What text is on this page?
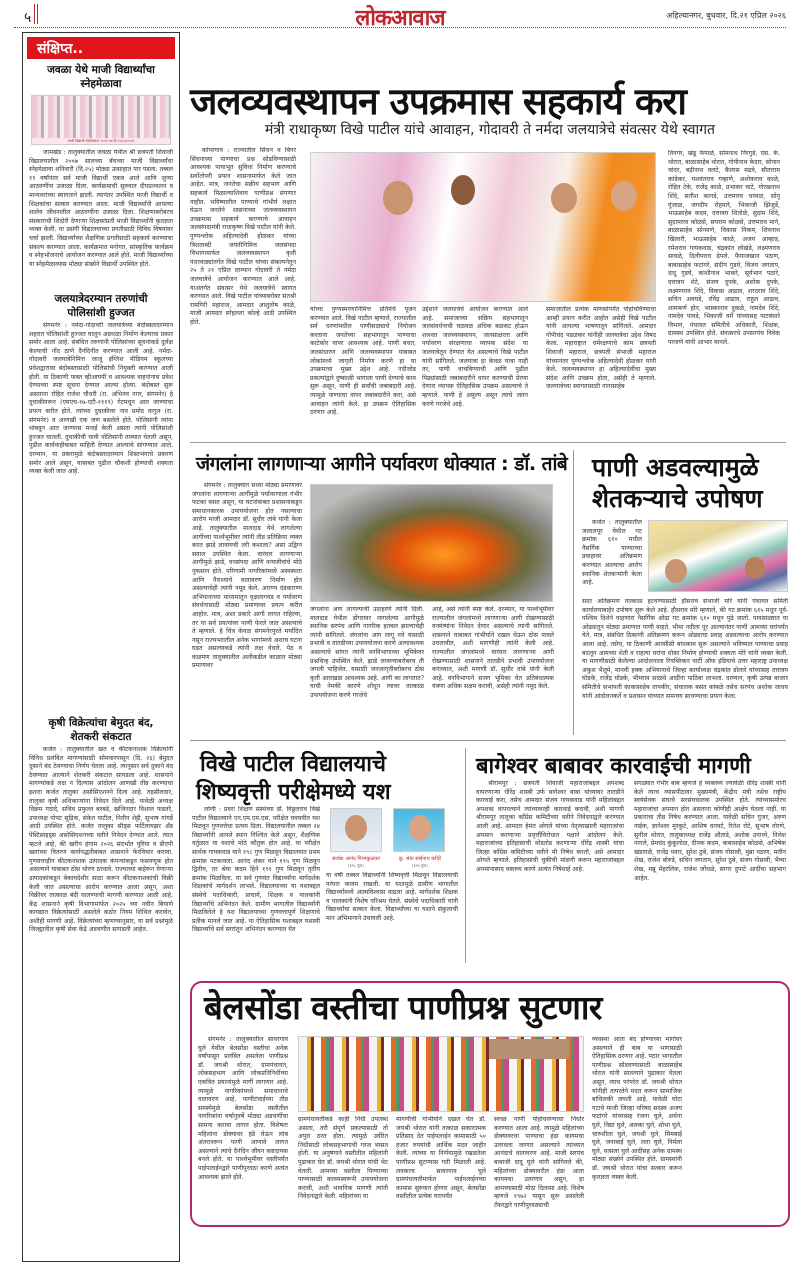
५	लोकआवाज	अहिल्यानगर, बुधवार, दि.२१ एप्रिल २०२६
संक्षिप्त..
जवळा येथे माजी विद्यार्थ्यांचा स्नेहमेळावा
माजी विद्यार्थी स्नेहमेळावा २००६-०७ दि.२९/०३/२०२६
जामखेड : तालुक्यातील जवळा येथील श्री छत्रपती शिवाजी विद्यालयातील २००७ सालच्या बॅचच्या माजी विद्यार्थ्यांचा स्नेहमेळावा शनिवारी (दि.२५) मोठ्या उत्साहात पार पडला. तब्बल १९ वर्षांनंतर सर्व माजी विद्यार्थी एकत्र आले आणि जुन्या आठवणींना उजाळा दिला. कार्यक्रमाची सुरुवात दीपप्रज्वलन व मान्यवरांच्या स्वागताने झाली. त्यानंतर उपस्थित माजी विद्यार्थी व शिक्षकांचा सत्कार करण्यात आला. माजी विद्यार्थ्यांनी आपल्या शालेय जीवनातील आठवणींना उजाळा दिला. शिक्षणाबरोबरच संस्काराची शिदोरी देणाऱ्या शिक्षकांप्रती माजी विद्यार्थ्यांनी कृतज्ञता व्यक्त केली. या प्रसंगी विद्यालयाच्या प्रगतीसाठी विविध विषयांवर चर्चा झाली. विद्यार्थ्यांच्या शैक्षणिक प्रगतीसाठी सहकार्य करण्याचा संकल्प करण्यात आला. कार्यक्रमात मनोगत, सांस्कृतिक कार्यक्रम व स्नेहभोजनाचे आयोजन करण्यात आले होते. माजी विद्यार्थ्यांच्या या स्नेहमेळाव्यास मोठ्या संख्येने विद्यार्थी उपस्थित होते.
जलयात्रेदरम्यान तरुणांची पोलिसांशी हुज्जत
संगमनेर : नर्मदा-गोदावरी जलयात्रेच्या बंदोबस्तादरम्यान शहरात पोलिसांशी हुज्जत घालून अडथळा निर्माण केल्याचा प्रकार समोर आला आहे. संबंधित तरुणांनी पोलिसांच्या सूचनांकडे दुर्लक्ष केल्याची नोंद ठाणे दैनंदिनीत करण्यात आली आहे. नर्मदा-गोदावरी जलयात्रेनिमित्त जाजू इंग्लिश मीडियम स्कूलच्या प्रवेशद्वारावर बंदोबस्तासाठी पोलिसांची नियुक्ती करण्यात आली होती. या ठिकाणी फक्त व्हीआयपी व आवश्यक वाहनांनाच प्रवेश देण्याच्या स्पष्ट सूचना देण्यात आल्या होत्या. बंदोबस्त सुरू असताना रोहित राजेश चौधरी (रा. अभिनव नगर, संगमनेर) हे दुचाकीवरून (एमएच-१७-एटी-१११९) गेटमधून आत जाण्याचा प्रयत्न करीत होते. त्यांच्या दुचाकीवर नाव प्रमोद वागुल (रा. संगमनेर) व आणखी एक जण बसलेले होते. पोलिसांनी त्यांना थांबवून आत जाण्यास मनाई केली असता त्यांनी पोलिसांशी हुज्जत घातली. दुचाकीची चावी पोलिसांनी ताब्यात घेतली असून, पुढील कार्यवाहीबाबत माहिती देण्यात आल्याचे सांगण्यात आले. दरम्यान, या प्रकरामुळे बंदोबस्तादरम्यान शिस्तभंगाचे प्रकरण समोर आले असून, याबाबत पुढील चौकशी होण्याची शक्यता व्यक्त केली जात आहे.
कृषी विक्रेत्यांचा बेमुदत बंद, शेतकरी संकटात
कर्जत : तालुक्यातील खत व कीटकनाशक विक्रेत्यांनी विविध प्रलंबित मागण्यांसाठी सोमवारपासून (दि. २६) बेमुदत दुकाने बंद ठेवण्याचा निर्णय घेतला आहे. त्यानुसार सर्व दुकाने बंद ठेवण्यात आल्याने शेतकरी संकटात सापडला आहे. शासनाने मागण्यांकडे लक्ष न दिल्यास आंदोलन आणखी तीव्र करण्याचा इशारा कर्जत तालुका असोसिएशनने दिला आहे. तहसीलदार, तालुका कृषी अधिकाऱ्यांना निवेदन दिले आहे. यावेळी अध्यक्ष विक्रम गदादे, सचिव प्रफुल्ल बरबडे, खजिनदार विशाल फडतरे, उपाध्यक्ष पोपट सुद्रिक, संकेत पाटील, नितीन शेट्टी, सुभाष गांगर्डे आदी उपस्थित होते. कर्जत तालुका सीड्स फर्टिलायझर अँड पेस्टिसाइड्स असोसिएशनच्या वतीने निवेदन देण्यात आले. त्यात म्हटले आहे, की खरीप हंगाम २०२६ संदर्भात युरिया व डीएपी खतांच्या वितरण कार्यपद्धतीबाबत शासनाने फेरविचार करावा. गुणवत्ताहीन कीटकनाशक उत्पादक कंपन्यांकडून फसवणूक होत असल्याने याबाबत ठोस धोरण ठरवावे. राज्याच्या बाहेरून येणाऱ्या उत्पादकांकडून बेकायदेशीर साठा करून कीटकनाशकांची विक्री केली जात असल्याचा आरोप करण्यात आला असून, अशा विक्रीवर तात्काळ बंदी घालण्याची मागणी करण्यात आली आहे. केंद्र शासनाने कृषी विभागामार्फत २०२५ च्या नवीन बियाणे कायद्यात विक्रेत्यांसाठी असलेले कठोर नियम शिथिल करावेत, अशीही मागणी आहे. विक्रेत्यांच्या म्हणण्यानुसार, या सर्व प्रश्नांमुळे जिल्ह्यातील कृषी सेवा केंद्रे अडचणीत सापडली आहेत.
जलव्यवस्थापन उपक्रमास सहकार्य करा
मंत्री राधाकृष्ण विखे पाटील यांचे आवाहन, गोदावरी ते नर्मदा जलयात्रेचे संवत्सर येथे स्वागत
कोपरगाव : राज्यातील सिंचन व बिगर सिंचनाच्या पाण्याचा प्रश्न सोडविण्यासाठी आवश्यक पायाभूत सुविधा निर्माण करण्याचे सर्वोतोपरी प्रयत्न शासनामार्फत केले जात आहेत. मात्र, जनतेचा सक्रीय सहभाग आणि सहकार्य मिळाल्याशिवाय पाणीप्रश्न संपणार नाहीत. भविष्यातील पाण्याचे गांभीर्य लक्षात घेऊन जनतेने शासनाच्या जलव्यवस्थापन उपक्रमास सहकार्य करण्याचे आवाहन जलसंपदामंत्री राधाकृष्ण विखे पाटील यांनी केले. पुण्यश्लोक अहिल्यादेवी होळकर यांच्या त्रिशताब्दी जयंतीनिमित्त जलसंपदा विभागामार्फत जलव्यवस्थापन कृती पंधरवाड्यांतर्गत विखे पाटील यांच्या संकल्पनेतून २५ ते २१ एप्रिल दरम्यान गोदावरी ते नर्मदा जलयात्रेचे आयोजन करण्यात आले आहे. याअंतर्गत संवत्सर येथे जलयात्रेचे स्वागत करण्यात आले. विखे पाटील यांच्याबरोबर संतश्री रामगिरी महाराज, आमदार आशुतोष काळे, माजी आमदार स्नेहलता कोल्हे आदी उपस्थित होते.
यांच्या पुण्यस्मरणानिमित्त प्रतिमेचे पूजन करण्यात आले. विखे पाटील म्हणाले, राज्यातील सर्व धरणांमधील पाणीसाठ्याचे नियोजन करताना जनतेच्या सहभागातून पाण्याचा काटेकोर वापर आवश्यक आहे. पाणी बचत, जलसंधारण आणि जलव्यवस्थापन याबाबत लोकांमध्ये जागृती निर्माण करणे हा या उपक्रमाचा मुख्य उद्देश आहे. नदीजोड प्रकल्पांद्वारे दुष्काळी भागाला पाणी देण्याचे काम सुरू असून, पाणी ही सर्वांची जबाबदारी आहे. त्यामुळे पाण्याचा वापर जबाबदारीने करा, असे आवाहन त्यांनी केले. हा उपक्रम ऐतिहासिक ठरणार आहे.
उद्देशाने जलयात्रेचे आयोजन करण्यात आले आहे. समाजाच्या सक्रिय सहभागातून जलसंवर्धनाची चळवळ अधिक बळकट होऊन शाश्वत जलव्यवस्थापन, जलसाक्षरता आणि पर्यावरण संरक्षणाचा व्यापक संदेश या जलयात्रेतून देण्यात येत असल्याचे विखे पाटील यांनी सांगितले. जलयात्रा हा केवळ यात्रा नाही तर, पाणी वाचविण्याची आणि पुढील पिढ्यांसाठी जबाबदारीने वापर करण्याची प्रेरणा देणारा व्यापक ऐतिहासिक उपक्रम असल्याचे ते म्हणाले. पाणी हे अमूल्य असून त्याचे जतन करणे गरजेचे आहे.
समाजातील प्रत्येक माणसांपर्यंत पोहोचविण्याचा आम्ही प्रयत्न करीत आहोत असेही विखे पाटील यांनी आपल्या भाषणातून सांगितले. आमदार गोपीचंद पडळकर यांनीही जलयात्रेचा उद्देश विषद केला. महाराष्ट्रात धर्मरक्षणाचे काम छत्रपती शिवाजी महाराज, छत्रपती संभाजी महाराज यांच्यानंतर पुण्यश्लोक अहिल्यादेवी होळकर यांनी केले. जलव्यवस्थापन हा अहिल्यादेवींचा मुख्य संदेश आणि उपक्रम होता, असेही ते म्हणाले. जलयात्रेच्या स्वागतासाठी नानासाहेब
तिनगर, खंडू फेपाळे, सोमनाथ निरगुडे, एस. के. थोरात, बाळासाहेब थोरात, गोपीनाथ केदार, सोपान चांदर, बद्रीनाथ वलटे, कैलास मढवे, सीताराम कांडेकर, यशवंतराव गव्हाणे, अशोकराव काळे, रोहित टेके, राजेंद्र काळे, प्रभाकर घाटे, गोरखनाथ शिंदे, सतीश कानडे, उत्तमराव चरमळ, सोनू गुंजाळ, जगदीप रोहमारे, भिकाजी झिंजुर्डे, भाऊसाहेब कदम, दत्तात्रय शितोळे, सुदाम शिंदे, सुदामराव कोळसे, सयराम कोळसे, उत्तमराव माने, बाळासाहेब सोनवणे, विकास निकम, शिवनाथ खिलारी, भाऊसाहेब काळे, अजय आव्हाड, रमेशराव गायकवाड, चंद्रकांत लोखंडे, लक्ष्मणराव सावळे, दिलीपराव ढेपले. फैयाजखान पठाण, बाबासाहेब फटांगरे, संदीप गुडघे, विजय जगताप, दादू गुडघे, काशीनाथ भाकरे, सूर्यभान पठारे, दत्तात्रय शेटे, संजय दुपके, अशोक दुपके, लक्ष्मणराव शिंदे, विकास आढाव, शरदराव शिंदे, सचिन अवघडे, रविंद्र आढाव, राहुल आढाव, शामकर्ण होन, भास्करराव दुकळे, नामदेव शिंदे, नामदेव पावडे, भिकाजी वर्मे यांच्यासह पाटबंधारे विभाग, पंचायत समितीचे अधिकारी, शिक्षक, ग्रामस्थ उपस्थित होते. संवत्सरचे उपसरपंच विवेक परजणे यांनी आभार मानले.
जंगलांना लागणाऱ्या आगीने पर्यावरण धोक्यात : डॉ. तांबे
संगमनेर : तालुक्यात सध्या मोठ्या प्रमाणावर जंगलांना लागणाऱ्या आगींमुळे पर्यावरणाला गंभीर फटका बसत असून, या घटनांबाबत प्रशासनाकडून समाधानकारक उपाययोजना होत नसल्याचा आरोप माजी आमदार डॉ. सुधीर तांबे यांनी केला आहे. तालुक्यातील मालदाड येथे लागलेल्या आगींच्या पार्श्वभूमीवर त्यांनी तीव्र प्रतिक्रिया व्यक्त करत झाडे लावायची तरी कशाला? असा उद्विग्न सवाल उपस्थित केला. वारंवार लागणाऱ्या आगीमुळे झाडे, वनसंपदा आणि वन्यजीवांचे मोठे नुकसान होते. परिणामी नागरिकांमध्ये अस्वस्थता आणि नैराश्याचे वातावरण निर्माण होत असल्याचेही त्यांनी नमूद केले. आरण्य दंडकारण्य अभियानाच्या माध्यमातून वृक्षलागवड व पर्यावरण संवर्धनासाठी मोठ्या प्रमाणावर प्रयत्न करीत आहोत. मात्र, अशा प्रकारे आगी लागत राहिल्या, तर या सर्व प्रयत्नांवर पाणी फेरले जात असल्याचे ते म्हणाले. हे चित्र केवळ संगमनेरपुरते मर्यादित नसून राज्यभरातील अनेक भागांमध्ये अशाच घटना घडत असल्याकडे त्यांनी लक्ष वेधले. पेठ व कळमण तालुक्यातील अलीकडील काळात मोठ्या प्रमाणावर
जंगलांना आग लागल्याची उदाहरणे त्यांनी दिली. मालदाड येथील डोंगरावर लागलेल्या आगीमुळे स्थानिक सरपंच आणि नागरिक हतबल झाल्याचेही त्यांनी सांगितले. जंगलांना आग लागू नये यासाठी प्रभावी व तातडीच्या उपाययोजना करणे अत्यावश्यक असल्याचे सांगत त्यांनी वनविभागाच्या भूमिकेवर प्रश्नचिन्ह उपस्थित केले. झाडे लावण्याबरोबरच ती जगली पाहिजेत. यासाठी जनजागृतीबरोबरच ठोस कृती आराखडा आवश्यक आहे. आगी का लागतात? याची नेमकी कारणे शोधून त्यावर तात्काळ उपाययोजना करणे गरजेचे
आहे, असे त्यांनी स्पष्ट केले. दरम्यान, या पार्श्वभूमीवर राज्यातील जंगलांमध्ये लागणाऱ्या आगी रोखण्यासाठी वनमंत्र्यांना निवेदन देणार असल्याचे त्यांनी सांगितले. शासनाने याबाबत गांभीर्याने दखल घेऊन ठोस पावले उचलावीत, अशी मागणीही त्यांनी केली आहे. राज्यातील जंगलांमध्ये वारंवार लागणाऱ्या आगी रोखण्यासाठी शासनाने तातडीने प्रभावी उपाययोजना कराव्यात, अशी मागणी डॉ. सुधीर तांबे यांनी केली आहे. वनविभागाने सजग भूमिका घेत प्रतिबंधात्मक यंत्रणा अधिक सक्षम करावी, असेही त्यांनी नमूद केले.
पाणी अडवल्यामुळे
शेतकऱ्याचे उपोषण
कर्जत : तालुक्यातील जलालपूर येथील गट क्रमांक ६१० मधील नैसर्गिक पाण्याच्या प्रवाहावर अतिक्रमण करण्यात आल्याचा आरोप स्थानिक शेतकऱ्यांनी केला आहे.
सदर अतिक्रमण तात्काळ हटवण्यासाठी हौसराव संभाजी मोरे यांनी पंचायत समिती कार्यालयाबाहेर उपोषण सुरू केले आहे. हौसराव मोरे म्हणाले, की गट क्रमांक ६१५ मधून पूर्व-पश्चिम दिशेने वाहणारा नैसर्गिक ओढा गट क्रमांक ६१० मधून पुढे जातो. पावसाळ्यात या ओढ्यातून मोठ्या प्रमाणात पाणी वाहते. भीमा नदीला पूर आल्यानंतर पाणी आमच्या घरांपर्यंत येते. मात्र, संबंधित ठिकाणी अतिक्रमण करून ओढ्याचा प्रवाह अडवल्याचा आरोप करण्यात आला आहे. तसेच, या ठिकाणी आरसीसी बांधकाम सुरू असल्याने भविष्यात पाण्याचा प्रवाह बदलून आमच्या शेती व राहत्या घरांना धोका निर्माण होण्याची शक्यता मोरे यांनी व्यक्त केली. या मागणीसाठी केलेल्या आंदोलनाला रिपब्लिकन पार्टी ऑफ इंडियाचे उत्तर महाराष्ट्र उपाध्यक्ष अंकुश भैलुमे, मानवी हक्क अभियानाचे जिल्हा कार्याध्यक्ष चंद्रकांत डोलारे यांच्यासह दत्तात्रय घोडके, राजेंद्र घोडके, भीमराव साळवे आदींना पाठिंबा लाभला. दरम्यान, कृषी उत्पन्न बाजार समितीचे सभापती काकासाहेब तापकीर, संचालक बसंत कांबळे तसेच सरपंच अशोक जाधव यांनी आंदोलनकर्ते व प्रशासन यांच्यात समन्वय साधण्याचा प्रयत्न केला.
विखे पाटील विद्यालयाचे
शिष्यवृत्ती परीक्षेमध्ये यश
लोणी : प्रवरा शिक्षण संस्थेच्या डॉ. विठ्ठलराव विखे पाटील विद्यालयाने एन.एम.एम.एस. परीक्षेत घवघवीत यश मिळवून गुणवत्तेचा प्रत्यय दिला. विद्यालयातील तब्बल २४ विद्यार्थ्यांनी आपले स्थान निश्चित केले असून, शैक्षणिक वर्तुळात या यशाचे मोठे कौतुक होत आहे. या परीक्षेत सार्थक गायकवाड याने १९८ गुण मिळवून विद्यालयात प्रथम क्रमांक पटकावला. आनंद शंकर याने १९५ गुण मिळवून द्वितीय, तर श्रेया कदम हिने १९१ गुण मिळवून तृतीय क्रमांक मिळविला. या सर्व गुणवंत विद्यार्थ्यांना मार्गदर्शक शिक्षकांचे मार्गदर्शन लाभले. विद्यालयाच्या या यशाबद्दल संस्थेचे पदाधिकारी, प्राचार्य, शिक्षक व पालकांनी विद्यार्थ्यांचे अभिनंदन केले. ग्रामीण भागातील विद्यार्थ्यांनी मिळविलेले हे यश विद्यालयाच्या गुणवत्तापूर्ण शिक्षणाचे प्रतीक मानले जात आहे. या ऐतिहासिक यशाबद्दल यशस्वी विद्यार्थ्यांचे सर्व स्तरांतून अभिनंदन करण्यात येत
सार्थक आनंद गिरमकुळकर
(१९८ गुण)
कु. श्रेया साईनाथ कदिरे
(१९५ गुण)
या वर्षी तब्बल विद्यार्थ्यांनी शिष्यवृत्ती मिळवून विद्यालयाची परंपरा कायम राखली. या यशामुळे ग्रामीण भागातील विद्यार्थ्यांमध्ये आत्मविश्वास वाढला आहे. मार्गदर्शक शिक्षक व पालकांनी विशेष परिश्रम घेतले. संस्थेचे पदाधिकारी यांनी विद्यार्थ्यांचा सत्कार केला. विद्यार्थ्यांच्या या यशाने संकुलाची मान अभिमानाने उंचावली आहे.
बागेश्वर बाबावर कारवाईची मागणी
श्रीरामपूर : छत्रपती शिवाजी महाराजांबद्दल अपशब्द वापरणाऱ्या धीरेंद्र शास्त्री उर्फ बागेश्वर बाबा यांच्यावर तातडीने कारवाई करा, तसेच आमदार संजय गायकवाड यांनी महिलांबद्दल अपशब्द वापरल्याने त्यांच्यावरही कारवाई करावी, अशी मागणी श्रीरामपूर तालुका काँग्रेस कमिटीच्या वतीने निवेदनाद्वारे करण्यात आली आहे. आमदार हेमंत ओगले यांच्या नेतृत्वाखाली महाराजांचा अपमान करणाऱ्या प्रवृत्तींविरोधात पक्षाने आंदोलन केले. महाराजांच्या इतिहासाची मोडतोड करणाऱ्या धीरेंद्र शास्त्री यांचा जिल्हा काँग्रेस कमिटीच्या वतीने मी निषेध करतो, असे आमदार ओगले म्हणाले. इतिहासाची चुकीची मांडणी करून महाराजांबद्दल अपमानास्पद वक्तव्य करणे अत्यंत निषेधार्ह आहे.
सगळ्यात गंभीर बाब म्हणजे हे व्यक्तव्य ज्यावेळी धीरेंद्र शास्त्री यांनी केले त्याच व्यासपीठावर मुख्यमंत्री, केंद्रीय मंत्री तसेच राष्ट्रीय स्वयंसेवक संघाचे सरसंघचालक उपस्थित होते. त्यांच्यासमोरच महाराजांचा अपमान होत असताना कोणीही आक्षेप घेतला नाही. या प्रकाराचा तीव्र निषेध करण्यात आला. यावेळी सचिन गुजर, अरुण नाईक, ज्ञानेश्वर मुरकुटे, आशिष धनवटे, रितेश रोटे, सुभाष तोरणे, सुनील थोरात, तालुकाध्यक्ष राजेंद्र औताडे, अशोक उपाध्ये, निलेश नागले, प्रेमचंद कुंकूलोळ, दीपक कदम, बाबासाहेब कोळसे, अभिषेक खंडागळे, राजेंद्र पवार, सुरेश ठुबे, संजय गोसावी, मुन्ना पठाण, मतीन शेख, राजेश बोरुडे, सचिन जगताप, सुरेश ठुबे, संजय गोसावी, भैय्या शेख, मन्नू मेहरलिक, राजेश जोंधळे, सागर दुपाटे आदींचा सहभाग आहेत.
बेलसोंडा वस्तीचा पाणीप्रश्न सुटणार
संगमनेर : तालुक्यातील सावरगाव घुले येथील बेलसोंडा वस्तीचा अनेक वर्षांपासून प्रलंबित असलेला पाणीप्रश्न डॉ. जयश्री थोरात, ग्रामपंचायत, लोकसहभाग आणि लोकप्रतिनिधींच्या एकत्रित प्रयत्नांमुळे मार्गी लागणार आहे. त्यामुळे नागरिकांमध्ये समाधानाचे वातावरण आहे. पाणीटंचाईच्या तीव्र समस्येमुळे बेलसोंडा वस्तीतील नागरिकांना वर्षानुवर्षे मोठ्या अडचणींचा सामना करावा लागत होता. विशेषतः महिलांना डोक्यावर हंडे घेऊन लांब अंतरावरून पाणी आणावे लागत असल्याने त्यांचे दैनंदिन जीवन कष्टदायक बनले होते. या पार्श्वभूमीवर वस्तीपर्यंत पाईपलाईनद्वारे पाणीपुरवठा करणे अत्यंत आवश्यक झाले होते.
ग्रामपंचायतीकडे काही निधी उपलब्ध असला, तरी संपूर्ण प्रकल्पासाठी तो अपुरा ठरत होता. त्यामुळे उर्वरित निधीसाठी लोकसहभागाची गरज भासत होती. या अनुषंगाने वस्तीतील महिलांनी पुढाकार घेत डॉ. जयश्री थोरात यांची भेट घेतली. आमच्या वस्तीला पिण्याच्या पाण्यासाठी कायमस्वरूपी उपाययोजना करावी, अशी भावनिक मागणी त्यांनी निवेदनाद्वारे केली. महिलांच्या या
मागणीची गांभीर्याने दखल घेत डॉ. जयश्री थोरात यांनी तत्काळ सकारात्मक प्रतिसाद देत पाईपलाईन कामासाठी ५० हजार रुपयांची आर्थिक मदत जाहीर केली. त्यांच्या या निर्णयामुळे रखडलेला पाणीप्रश्न सुटण्यास गती मिळाली आहे. लवकरच सावरगाव घुले ग्रामपंचायतीमार्फत पाईपलाईनच्या कामास सुरुवात होणार असून, बेलसोंडा वस्तीतील प्रत्येक घरापर्यंत
स्वच्छ पाणी पोहोचवण्याचा निर्धार करण्यात आला आहे. त्यामुळे महिलांच्या डोक्यावरचा पाण्याचा हंडा कायमचा उतरवला जाणार असल्याने त्यांच्यात आनंदाचे वातावरण आहे. माजी सरपंच बाबाजी दादू घुले यांनी सांगितले की, महिलांच्या डोक्यावरील हंडा आता कायमचा उतरणार असून, हा आमच्यासाठी मोठा दिलासा आहे. विशेष म्हणजे १९७२ पासून सुरू असलेली टँकरद्वारे पाणीपुरवठ्याची
व्यवस्था आता बंद होण्याच्या मार्गावर असल्याने ही बाब या भागासाठी ऐतिहासिक ठरणार आहे. पठार भागातील पाणीप्रश्न सोडवण्यासाठी बाळासाहेब थोरात यांनी सातत्याने पुढाकार घेतला असून, त्याच परंपरेत डॉ. जयश्री थोरात यांनीही तत्परतेने मदत करून सामाजिक बांधिलकी जपली आहे. यावेळी घोटा गटाचे माजी जिल्हा परिषद सदस्य अजय फटांगरे यांच्यासह रंजना घुले, अर्चना घुले, विद्या घुले, अलका घुले, शोभा घुले, चारुशीला घुले, जयश्री घुले, मिमबाई घुले, जनाबाई घुले, लता घुले, निर्मला घुले, वत्सला घुले आदींसह अनेक ग्रामस्थ मोठ्या संख्येने उपस्थित होते. ग्रामस्थांनी डॉ. जयश्री थोरात यांचा सत्कार करून कृतज्ञता व्यक्त केली.
